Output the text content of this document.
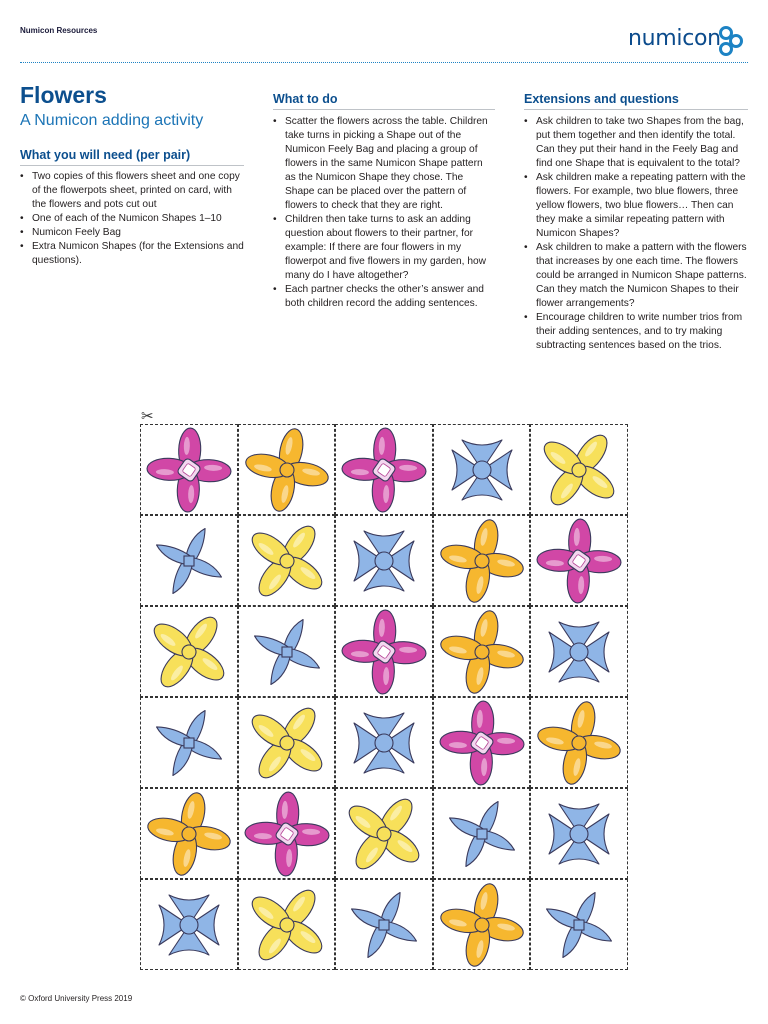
Numicon Resources	numicon
Flowers
A Numicon adding activity
What you will need (per pair)
• Two copies of this flowers sheet and one copy of the flowerpots sheet, printed on card, with the flowers and pots cut out
• One of each of the Numicon Shapes 1–10
• Numicon Feely Bag
• Extra Numicon Shapes (for the Extensions and questions).
What to do
• Scatter the flowers across the table. Children take turns in picking a Shape out of the Numicon Feely Bag and placing a group of flowers in the same Numicon Shape pattern as the Numicon Shape they chose. The Shape can be placed over the pattern of flowers to check that they are right.
• Children then take turns to ask an adding question about flowers to their partner, for example: If there are four flowers in my flowerpot and five flowers in my garden, how many do I have altogether?
• Each partner checks the other’s answer and both children record the adding sentences.
Extensions and questions
• Ask children to take two Shapes from the bag, put them together and then identify the total. Can they put their hand in the Feely Bag and find one Shape that is equivalent to the total?
• Ask children make a repeating pattern with the flowers. For example, two blue flowers, three yellow flowers, two blue flowers… Then can they make a similar repeating pattern with Numicon Shapes?
• Ask children to make a pattern with the flowers that increases by one each time. The flowers could be arranged in Numicon Shape patterns. Can they match the Numicon Shapes to their flower arrangements?
• Encourage children to write number trios from their adding sentences, and to try making subtracting sentences based on the trios.
✂
© Oxford University Press 2019
